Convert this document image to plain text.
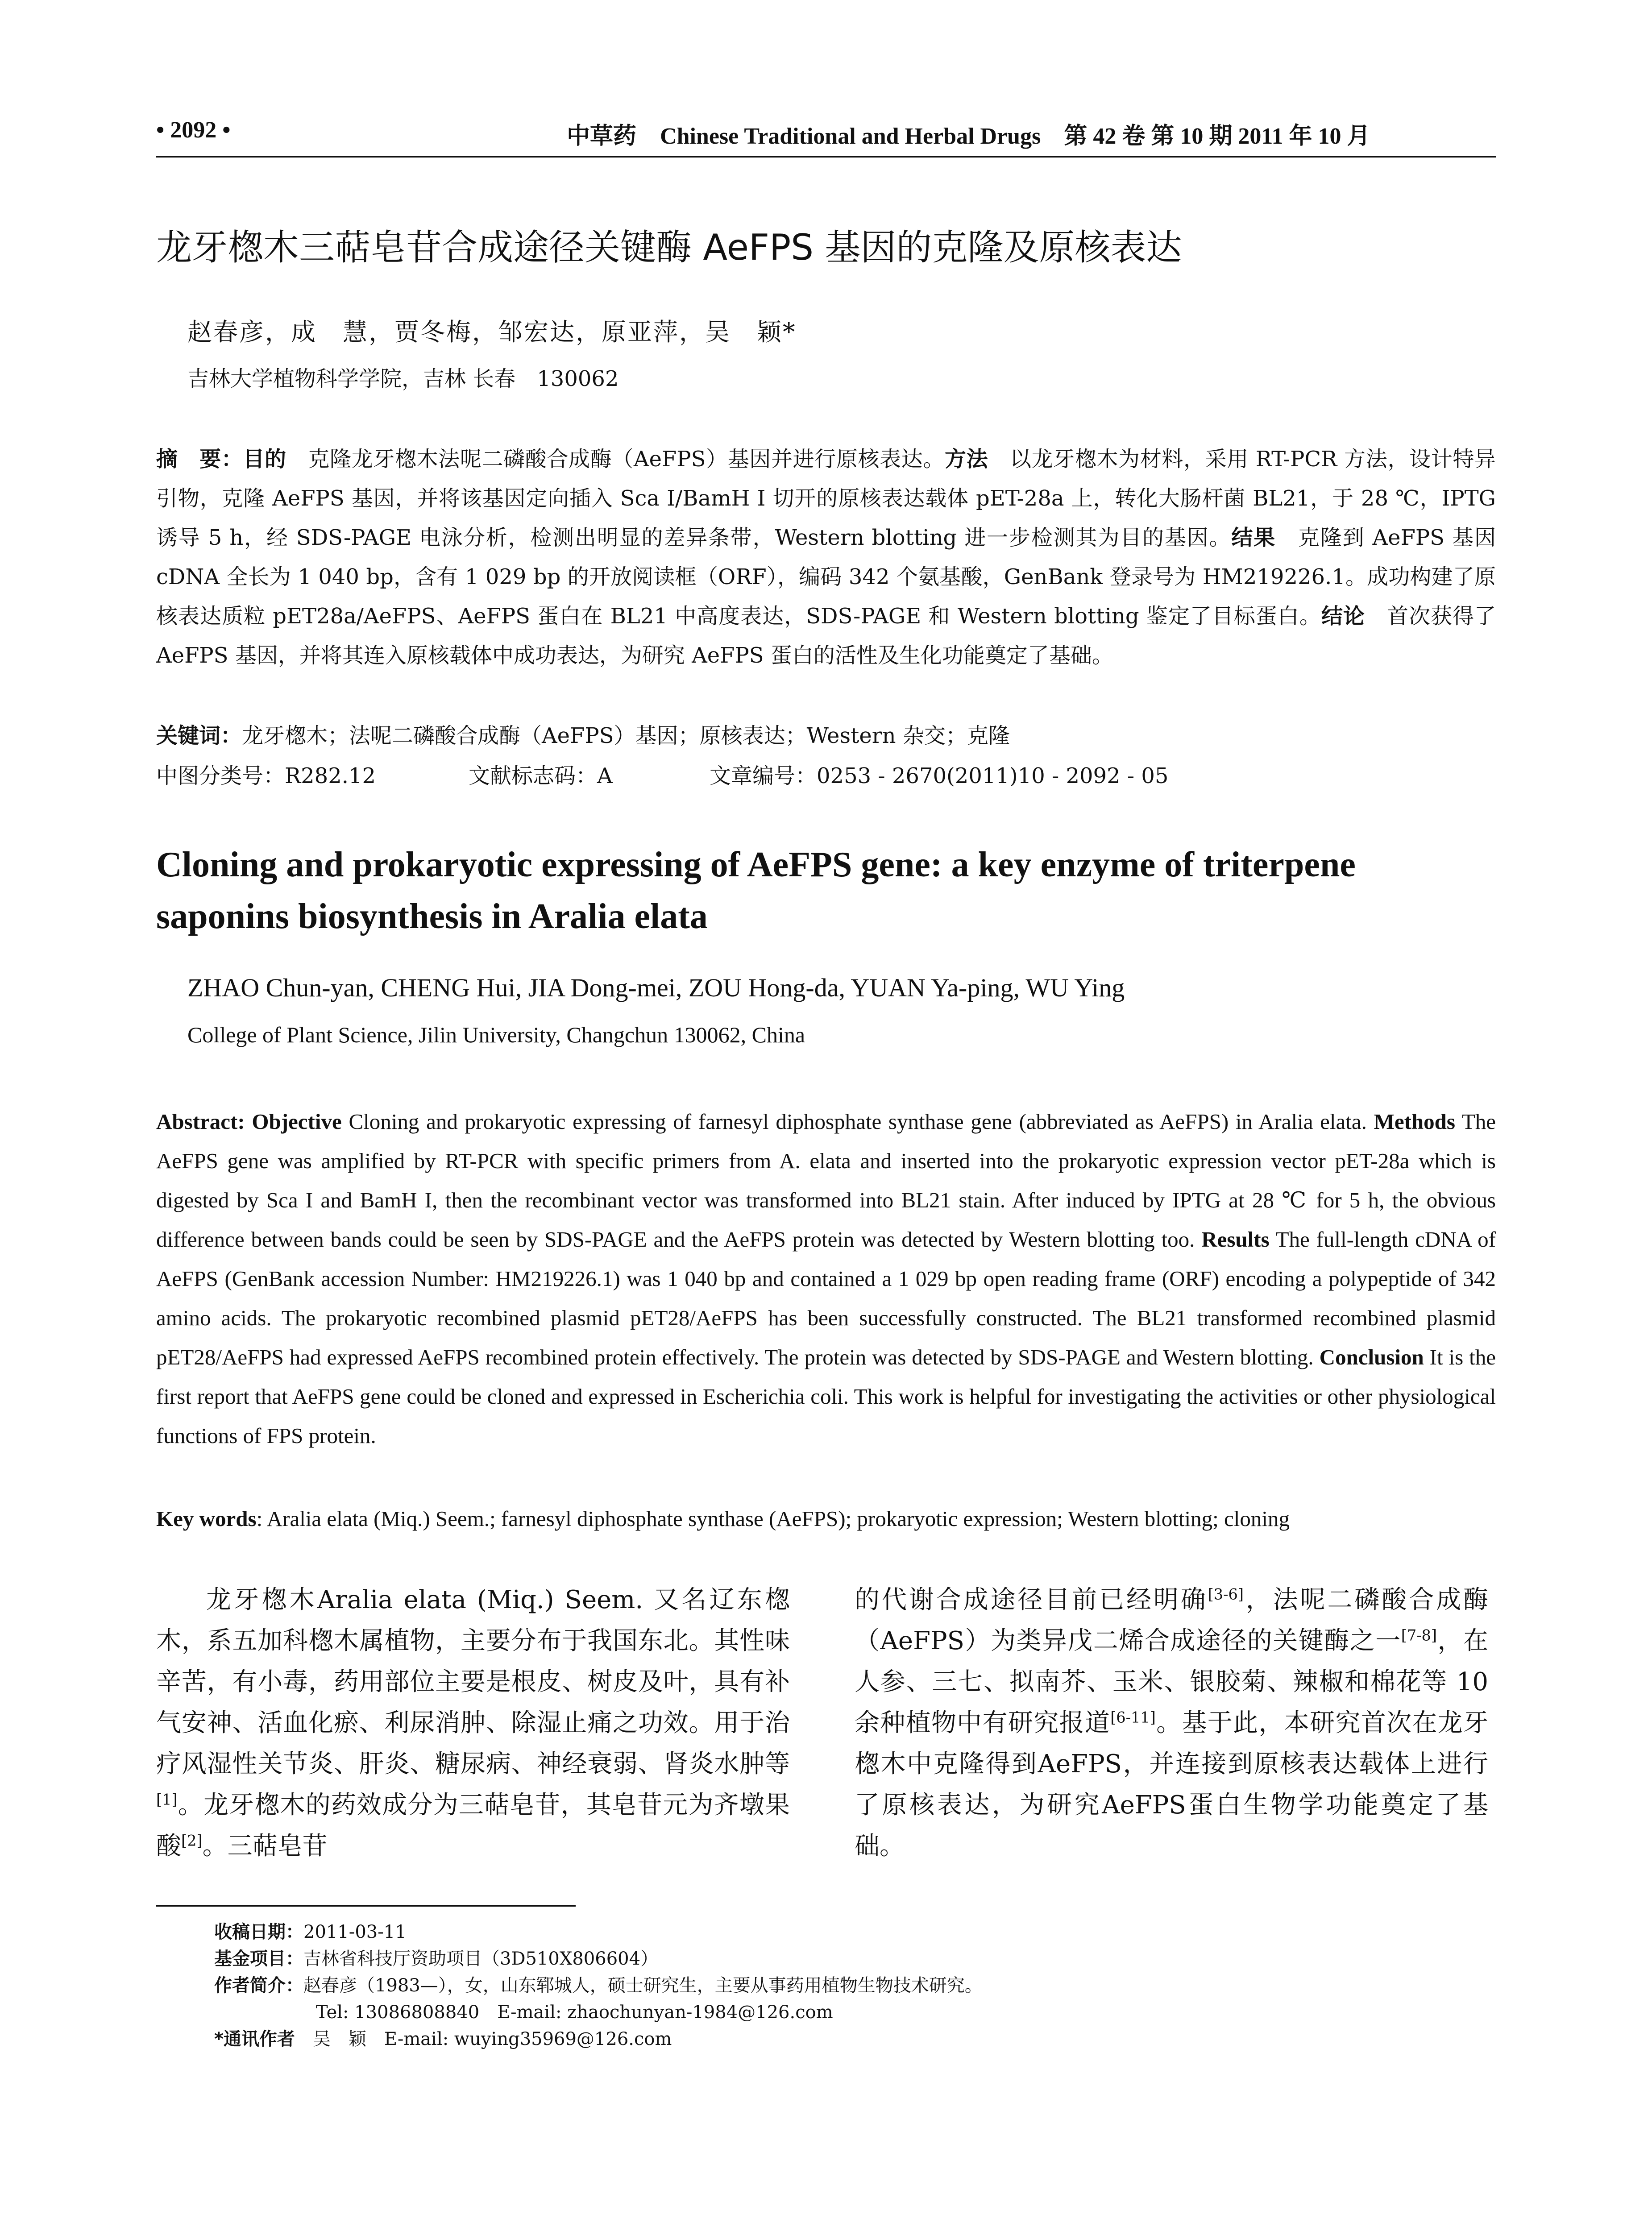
• 2092 •	中草药 Chinese Traditional and Herbal Drugs 第 42 卷 第 10 期 2011 年 10 月
龙牙楤木三萜皂苷合成途径关键酶 AeFPS 基因的克隆及原核表达
赵春彦，成　慧，贾冬梅，邹宏达，原亚萍，吴　颖*
吉林大学植物科学学院，吉林 长春　130062
摘　要：目的　克隆龙牙楤木法呢二磷酸合成酶（AeFPS）基因并进行原核表达。方法　以龙牙楤木为材料，采用 RT-PCR 方法，设计特异引物，克隆 AeFPS 基因，并将该基因定向插入 Sca I/BamH I 切开的原核表达载体 pET-28a 上，转化大肠杆菌 BL21，于 28 ℃，IPTG 诱导 5 h，经 SDS-PAGE 电泳分析，检测出明显的差异条带，Western blotting 进一步检测其为目的基因。结果　克隆到 AeFPS 基因 cDNA 全长为 1 040 bp，含有 1 029 bp 的开放阅读框（ORF），编码 342 个氨基酸，GenBank 登录号为 HM219226.1。成功构建了原核表达质粒 pET28a/AeFPS、AeFPS 蛋白在 BL21 中高度表达，SDS-PAGE 和 Western blotting 鉴定了目标蛋白。结论　首次获得了 AeFPS 基因，并将其连入原核载体中成功表达，为研究 AeFPS 蛋白的活性及生化功能奠定了基础。
关键词：龙牙楤木；法呢二磷酸合成酶（AeFPS）基因；原核表达；Western 杂交；克隆
中图分类号：R282.12	文献标志码：A	文章编号：0253 - 2670(2011)10 - 2092 - 05
Cloning and prokaryotic expressing of AeFPS gene: a key enzyme of triterpene saponins biosynthesis in Aralia elata
ZHAO Chun-yan, CHENG Hui, JIA Dong-mei, ZOU Hong-da, YUAN Ya-ping, WU Ying
College of Plant Science, Jilin University, Changchun 130062, China
Abstract: Objective Cloning and prokaryotic expressing of farnesyl diphosphate synthase gene (abbreviated as AeFPS) in Aralia elata. Methods The AeFPS gene was amplified by RT-PCR with specific primers from A. elata and inserted into the prokaryotic expression vector pET-28a which is digested by Sca I and BamH I, then the recombinant vector was transformed into BL21 stain. After induced by IPTG at 28 ℃ for 5 h, the obvious difference between bands could be seen by SDS-PAGE and the AeFPS protein was detected by Western blotting too. Results The full-length cDNA of AeFPS (GenBank accession Number: HM219226.1) was 1 040 bp and contained a 1 029 bp open reading frame (ORF) encoding a polypeptide of 342 amino acids. The prokaryotic recombined plasmid pET28/AeFPS has been successfully constructed. The BL21 transformed recombined plasmid pET28/AeFPS had expressed AeFPS recombined protein effectively. The protein was detected by SDS-PAGE and Western blotting. Conclusion It is the first report that AeFPS gene could be cloned and expressed in Escherichia coli. This work is helpful for investigating the activities or other physiological functions of FPS protein.
Key words: Aralia elata (Miq.) Seem.; farnesyl diphosphate synthase (AeFPS); prokaryotic expression; Western blotting; cloning

龙牙楤木Aralia elata (Miq.) Seem. 又名辽东楤木，系五加科楤木属植物，主要分布于我国东北。其性味辛苦，有小毒，药用部位主要是根皮、树皮及叶，具有补气安神、活血化瘀、利尿消肿、除湿止痛之功效。用于治疗风湿性关节炎、肝炎、糖尿病、神经衰弱、肾炎水肿等[1]。龙牙楤木的药效成分为三萜皂苷，其皂苷元为齐墩果酸[2]。三萜皂苷

的代谢合成途径目前已经明确[3-6]，法呢二磷酸合成酶（AeFPS）为类异戊二烯合成途径的关键酶之一[7-8]，在人参、三七、拟南芥、玉米、银胶菊、辣椒和棉花等 10 余种植物中有研究报道[6-11]。基于此，本研究首次在龙牙楤木中克隆得到AeFPS，并连接到原核表达载体上进行了原核表达，为研究AeFPS蛋白生物学功能奠定了基础。

收稿日期：2011-03-11
基金项目：吉林省科技厅资助项目（3D510X806604）
作者简介：赵春彦（1983—），女，山东郓城人，硕士研究生，主要从事药用植物生物技术研究。
Tel: 13086808840　E-mail: zhaochunyan-1984@126.com
*通讯作者　吴　颖　E-mail: wuying35969@126.com
